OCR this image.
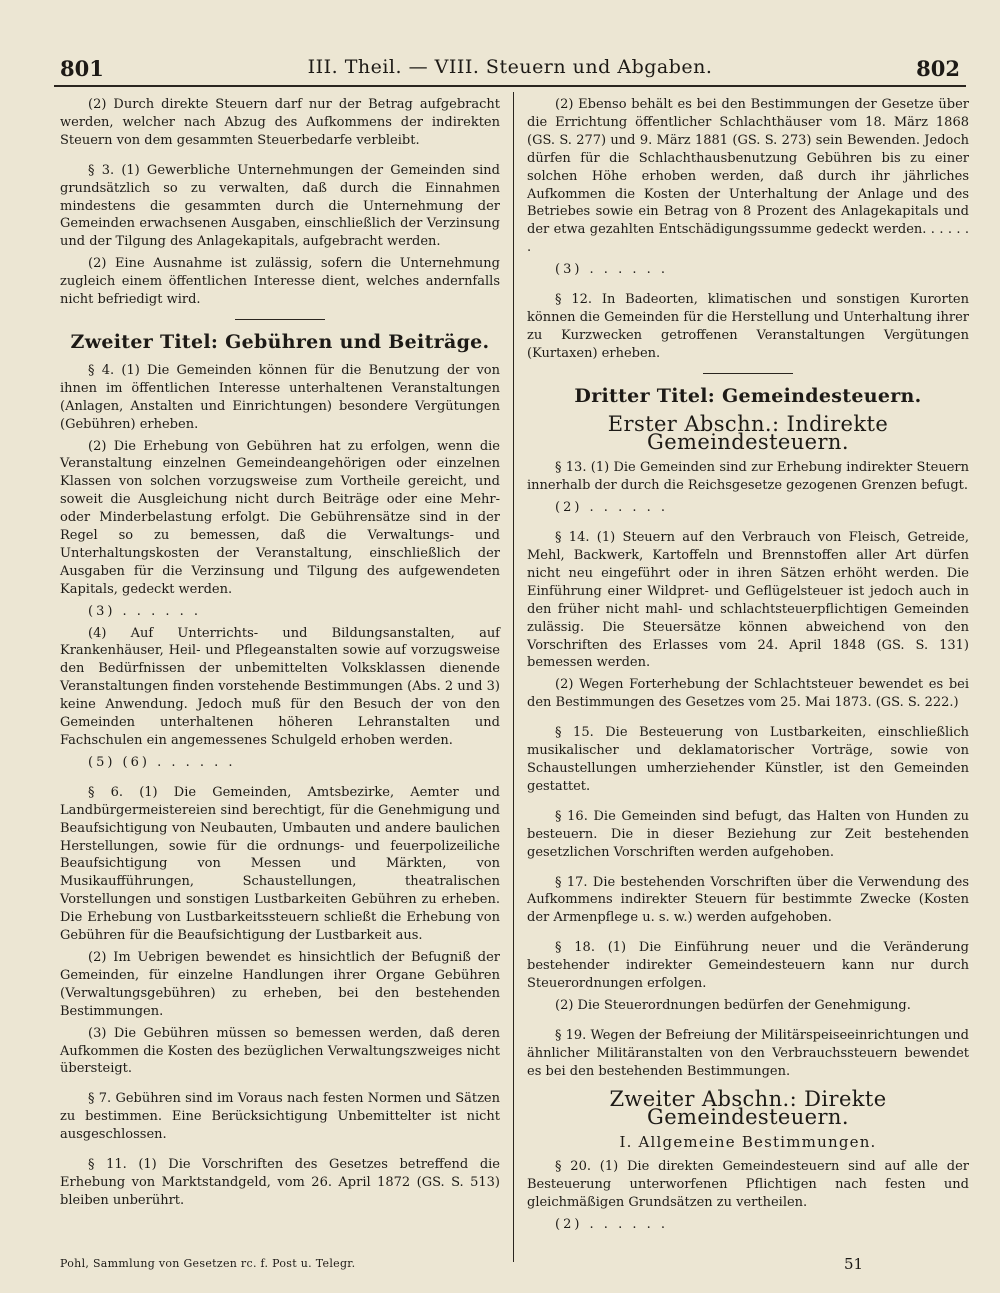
801	III. Theil. — VIII. Steuern und Abgaben.	802

(2) Durch direkte Steuern darf nur der Betrag aufgebracht werden, welcher nach Abzug des Aufkommens der indirekten Steuern von dem gesammten Steuerbedarfe verbleibt.

§ 3. (1) Gewerbliche Unternehmungen der Gemeinden sind grundsätzlich so zu verwalten, daß durch die Einnahmen mindestens die gesammten durch die Unternehmung der Gemeinden erwachsenen Ausgaben, einschließlich der Verzinsung und der Tilgung des Anlagekapitals, aufgebracht werden.

(2) Eine Ausnahme ist zulässig, sofern die Unternehmung zugleich einem öffentlichen Interesse dient, welches andernfalls nicht befriedigt wird.

Zweiter Titel: Gebühren und Beiträge.

§ 4. (1) Die Gemeinden können für die Benutzung der von ihnen im öffentlichen Interesse unterhaltenen Veranstaltungen (Anlagen, Anstalten und Einrichtungen) besondere Vergütungen (Gebühren) erheben.

(2) Die Erhebung von Gebühren hat zu erfolgen, wenn die Veranstaltung einzelnen Gemeindeangehörigen oder einzelnen Klassen von solchen vorzugsweise zum Vortheile gereicht, und soweit die Ausgleichung nicht durch Beiträge oder eine Mehr- oder Minderbelastung erfolgt. Die Gebührensätze sind in der Regel so zu bemessen, daß die Verwaltungs- und Unterhaltungskosten der Veranstaltung, einschließlich der Ausgaben für die Verzinsung und Tilgung des aufgewendeten Kapitals, gedeckt werden.

(3) . . . . . .

(4) Auf Unterrichts- und Bildungsanstalten, auf Krankenhäuser, Heil- und Pflegeanstalten sowie auf vorzugsweise den Bedürfnissen der unbemittelten Volksklassen dienende Veranstaltungen finden vorstehende Bestimmungen (Abs. 2 und 3) keine Anwendung. Jedoch muß für den Besuch der von den Gemeinden unterhaltenen höheren Lehranstalten und Fachschulen ein angemessenes Schulgeld erhoben werden.

(5) (6) . . . . . .

§ 6. (1) Die Gemeinden, Amtsbezirke, Aemter und Landbürgermeistereien sind berechtigt, für die Genehmigung und Beaufsichtigung von Neubauten, Umbauten und andere baulichen Herstellungen, sowie für die ordnungs- und feuerpolizeiliche Beaufsichtigung von Messen und Märkten, von Musikaufführungen, Schaustellungen, theatralischen Vorstellungen und sonstigen Lustbarkeiten Gebühren zu erheben. Die Erhebung von Lustbarkeitssteuern schließt die Erhebung von Gebühren für die Beaufsichtigung der Lustbarkeit aus.

(2) Im Uebrigen bewendet es hinsichtlich der Befugniß der Gemeinden, für einzelne Handlungen ihrer Organe Gebühren (Verwaltungsgebühren) zu erheben, bei den bestehenden Bestimmungen.

(3) Die Gebühren müssen so bemessen werden, daß deren Aufkommen die Kosten des bezüglichen Verwaltungszweiges nicht übersteigt.

§ 7. Gebühren sind im Voraus nach festen Normen und Sätzen zu bestimmen. Eine Berücksichtigung Unbemittelter ist nicht ausgeschlossen.

§ 11. (1) Die Vorschriften des Gesetzes betreffend die Erhebung von Marktstandgeld, vom 26. April 1872 (GS. S. 513) bleiben unberührt.

(2) Ebenso behält es bei den Bestimmungen der Gesetze über die Errichtung öffentlicher Schlachthäuser vom 18. März 1868 (GS. S. 277) und 9. März 1881 (GS. S. 273) sein Bewenden. Jedoch dürfen für die Schlachthausbenutzung Gebühren bis zu einer solchen Höhe erhoben werden, daß durch ihr jährliches Aufkommen die Kosten der Unterhaltung der Anlage und des Betriebes sowie ein Betrag von 8 Prozent des Anlagekapitals und der etwa gezahlten Entschädigungssumme gedeckt werden. . . . . . .

(3) . . . . . .

§ 12. In Badeorten, klimatischen und sonstigen Kurorten können die Gemeinden für die Herstellung und Unterhaltung ihrer zu Kurzwecken getroffenen Veranstaltungen Vergütungen (Kurtaxen) erheben.

Dritter Titel: Gemeindesteuern.
Erster Abschn.: Indirekte Gemeindesteuern.

§ 13. (1) Die Gemeinden sind zur Erhebung indirekter Steuern innerhalb der durch die Reichsgesetze gezogenen Grenzen befugt.

(2) . . . . . .

§ 14. (1) Steuern auf den Verbrauch von Fleisch, Getreide, Mehl, Backwerk, Kartoffeln und Brennstoffen aller Art dürfen nicht neu eingeführt oder in ihren Sätzen erhöht werden. Die Einführung einer Wildpret- und Geflügelsteuer ist jedoch auch in den früher nicht mahl- und schlachtsteuerpflichtigen Gemeinden zulässig. Die Steuersätze können abweichend von den Vorschriften des Erlasses vom 24. April 1848 (GS. S. 131) bemessen werden.

(2) Wegen Forterhebung der Schlachtsteuer bewendet es bei den Bestimmungen des Gesetzes vom 25. Mai 1873. (GS. S. 222.)

§ 15. Die Besteuerung von Lustbarkeiten, einschließlich musikalischer und deklamatorischer Vorträge, sowie von Schaustellungen umherziehender Künstler, ist den Gemeinden gestattet.

§ 16. Die Gemeinden sind befugt, das Halten von Hunden zu besteuern. Die in dieser Beziehung zur Zeit bestehenden gesetzlichen Vorschriften werden aufgehoben.

§ 17. Die bestehenden Vorschriften über die Verwendung des Aufkommens indirekter Steuern für bestimmte Zwecke (Kosten der Armenpflege u. s. w.) werden aufgehoben.

§ 18. (1) Die Einführung neuer und die Veränderung bestehender indirekter Gemeindesteuern kann nur durch Steuerordnungen erfolgen.

(2) Die Steuerordnungen bedürfen der Genehmigung.

§ 19. Wegen der Befreiung der Militärspeiseeinrichtungen und ähnlicher Militäranstalten von den Verbrauchssteuern bewendet es bei den bestehenden Bestimmungen.

Zweiter Abschn.: Direkte Gemeindesteuern.
I. Allgemeine Bestimmungen.

§ 20. (1) Die direkten Gemeindesteuern sind auf alle der Besteuerung unterworfenen Pflichtigen nach festen und gleichmäßigen Grundsätzen zu vertheilen.

(2) . . . . . .

Pohl, Sammlung von Gesetzen rc. f. Post u. Telegr.	51
